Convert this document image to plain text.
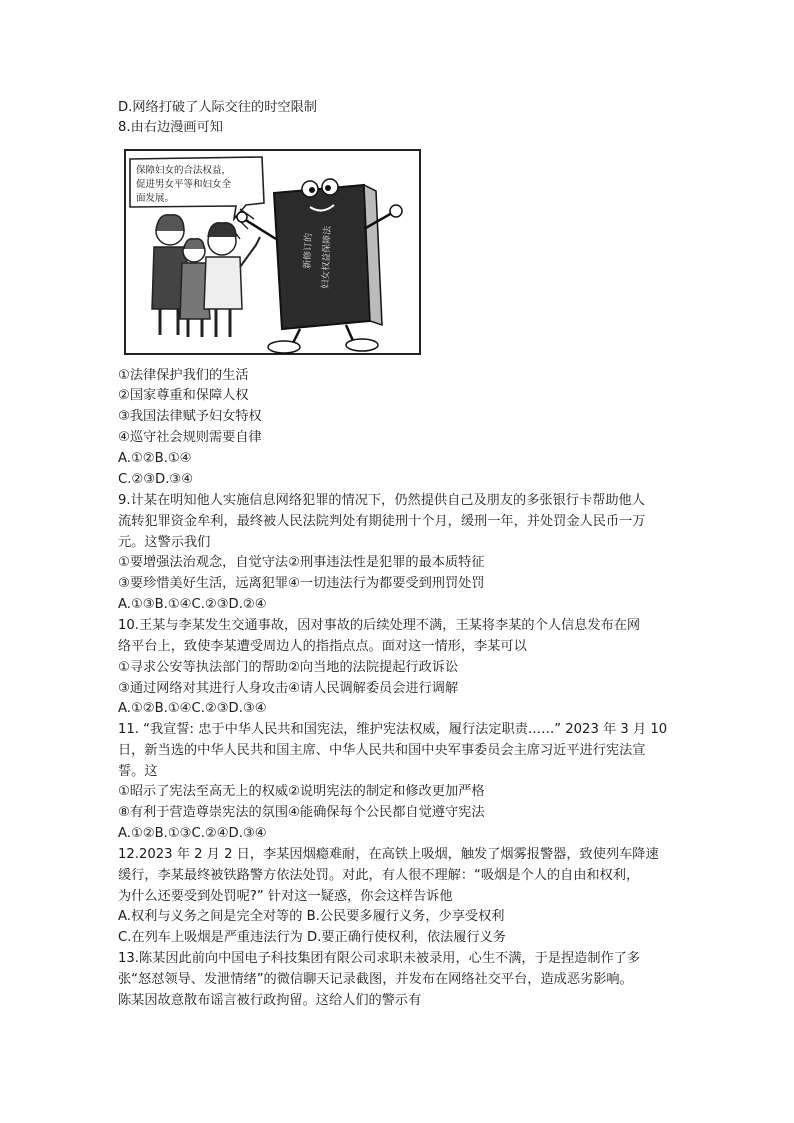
D.网络打破了人际交往的时空限制
8.由右边漫画可知
保障妇女的合法权益，
促进男女平等和妇女全
面发展。
新修订的 妇女权益保障法
①法律保护我们的生活
②国家尊重和保障人权
③我国法律赋予妇女特权
④巡守社会规则需要自律
A.①②B.①④
C.②③D.③④
9.计某在明知他人实施信息网络犯罪的情况下，仍然提供自己及朋友的多张银行卡帮助他人
流转犯罪资金牟利，最终被人民法院判处有期徒刑十个月，缓刑一年，并处罚金人民币一万
元。这警示我们
①要增强法治观念，自觉守法②刑事违法性是犯罪的最本质特征
③要珍惜美好生活，远离犯罪④一切违法行为都要受到刑罚处罚
A.①③B.①④C.②③D.②④
10.王某与李某发生交通事故，因对事故的后续处理不满，王某将李某的个人信息发布在网
络平台上，致使李某遭受周边人的指指点点。面对这一情形，李某可以
①寻求公安等执法部门的帮助②向当地的法院提起行政诉讼
③通过网络对其进行人身攻击④请人民调解委员会进行调解
A.①②B.①④C.②③D.③④
11. “我宣誓: 忠于中华人民共和国宪法，维护宪法权威，履行法定职责……” 2023 年 3 月 10
日，新当选的中华人民共和国主席、中华人民共和国中央军事委员会主席习近平进行宪法宣
誓。这
①昭示了宪法至高无上的权威②说明宪法的制定和修改更加严格
⑧有利于营造尊崇宪法的氛围④能确保每个公民都自觉遵守宪法
A.①②B.①③C.②④D.③④
12.2023 年 2 月 2 日，李某因烟瘾难耐，在高铁上吸烟，触发了烟雾报警器，致使列车降速
缓行，李某最终被铁路警方依法处罚。对此，有人很不理解：“吸烟是个人的自由和权利，
为什么还要受到处罚呢?” 针对这一疑惑，你会这样告诉他
A.权利与义务之间是完全对等的 B.公民要多履行义务，少享受权利
C.在列车上吸烟是严重违法行为 D.要正确行使权利，依法履行义务
13.陈某因此前向中国电子科技集团有限公司求职未被录用，心生不满，于是捏造制作了多
张“怒怼领导、发泄情绪”的微信聊天记录截图，并发布在网络社交平台，造成恶劣影响。
陈某因故意散布谣言被行政拘留。这给人们的警示有
